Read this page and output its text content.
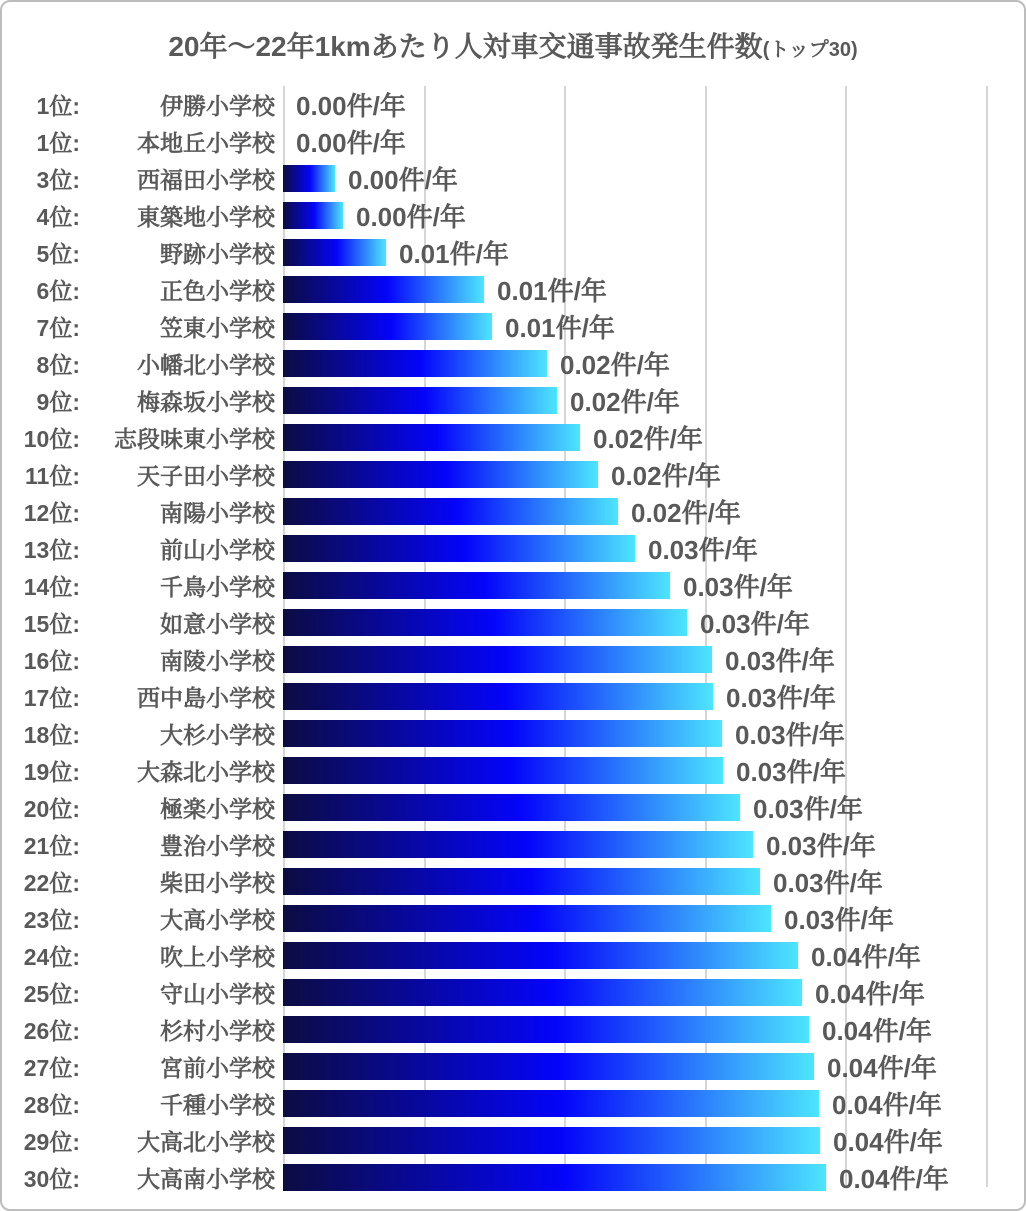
20年～22年1kmあたり人対車交通事故発生件数(トップ30)
1位:	伊勝小学校 0.00件/年
1位:	本地丘小学校 0.00件/年
3位:	西福田小学校	0.00件/年
4位:	東築地小学校	0.00件/年
5位:	野跡小学校	0.01件/年
6位:	正色小学校	0.01件/年
7位:	笠東小学校	0.01件/年
8位:	小幡北小学校	0.02件/年
9位:	梅森坂小学校	0.02件/年
10位:	志段味東小学校	0.02件/年
11位:	天子田小学校	0.02件/年
12位:	南陽小学校	0.02件/年
13位:	前山小学校	0.03件/年
14位:	千鳥小学校	0.03件/年
15位:	如意小学校	0.03件/年
16位:	南陵小学校	0.03件/年
17位:	西中島小学校	0.03件/年
18位:	大杉小学校	0.03件/年
19位:	大森北小学校	0.03件/年
20位:	極楽小学校	0.03件/年
21位:	豊治小学校	0.03件/年
22位:	柴田小学校	0.03件/年
23位:	大高小学校	0.03件/年
24位:	吹上小学校	0.04件/年
25位:	守山小学校	0.04件/年
26位:	杉村小学校	0.04件/年
27位:	宮前小学校	0.04件/年
28位:	千種小学校	0.04件/年
29位:	大高北小学校	0.04件/年
30位:	大高南小学校	0.04件/年
